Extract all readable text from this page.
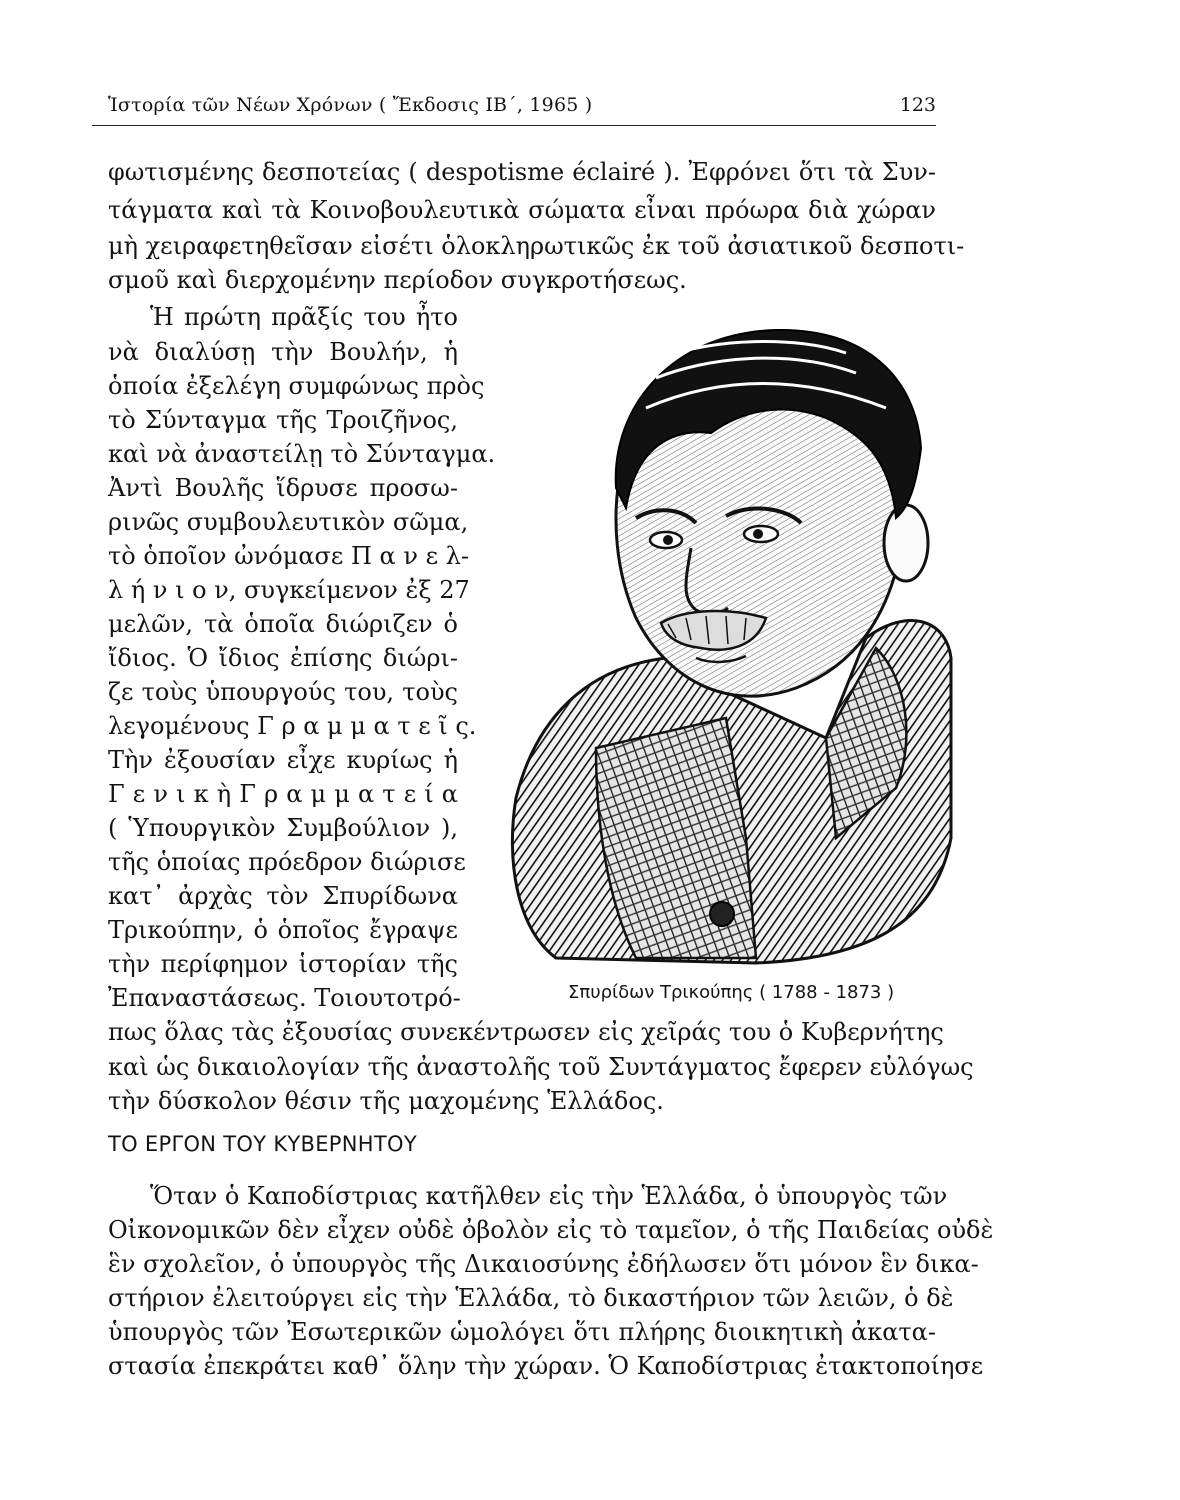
Ἱστορία τῶν Νέων Χρόνων ( Ἔκδοσις ΙΒ΄, 1965 )	123
φωτισμένης δεσποτείας ( despotisme éclairé ). Ἐφρόνει ὅτι τὰ Συν-
τάγματα καὶ τὰ Κοινοβουλευτικὰ σώματα εἶναι πρόωρα διὰ χώραν
μὴ χειραφετηθεῖσαν εἰσέτι ὁλοκληρωτικῶς ἐκ τοῦ ἀσιατικοῦ δεσποτι-
σμοῦ καὶ διερχομένην περίοδον συγκροτήσεως.
Ἡ πρώτη πρᾶξίς του ἦτο
νὰ διαλύσῃ τὴν Βουλήν, ἡ
ὁποία ἐξελέγη συμφώνως πρὸς
τὸ Σύνταγμα τῆς Τροιζῆνος,
καὶ νὰ ἀναστείλῃ τὸ Σύνταγμα.
Ἀντὶ Βουλῆς ἵδρυσε προσω-
ρινῶς συμβουλευτικὸν σῶμα,
τὸ ὁποῖον ὠνόμασε Π α ν ε λ-
λ ή ν ι ο ν, συγκείμενον ἐξ 27
μελῶν, τὰ ὁποῖα διώριζεν ὁ
ἴδιος. Ὁ ἴδιος ἐπίσης διώρι-
ζε τοὺς ὑπουργούς του, τοὺς
λεγομένους Γ ρ α μ μ α τ ε ῖ ς.
Τὴν ἐξουσίαν εἶχε κυρίως ἡ
Γ ε ν ι κ ὴ Γ ρ α μ μ α τ ε ί α
( Ὑπουργικὸν Συμβούλιον ),
τῆς ὁποίας πρόεδρον διώρισε
κατ᾽ ἀρχὰς τὸν Σπυρίδωνα
Τρικούπην, ὁ ὁποῖος ἔγραψε
τὴν περίφημον ἱστορίαν τῆς
Ἐπαναστάσεως. Τοιουτοτρό-	Σπυρίδων Τρικούπης ( 1788 - 1873 )
πως ὅλας τὰς ἐξουσίας συνεκέντρωσεν εἰς χεῖράς του ὁ Κυβερνήτης
καὶ ὡς δικαιολογίαν τῆς ἀναστολῆς τοῦ Συντάγματος ἔφερεν εὐλόγως
τὴν δύσκολον θέσιν τῆς μαχομένης Ἑλλάδος.
ΤΟ ΕΡΓΟΝ ΤΟΥ ΚΥΒΕΡΝΗΤΟΥ
Ὅταν ὁ Καποδίστριας κατῆλθεν εἰς τὴν Ἑλλάδα, ὁ ὑπουργὸς τῶν
Οἰκονομικῶν δὲν εἶχεν οὐδὲ ὀβολὸν εἰς τὸ ταμεῖον, ὁ τῆς Παιδείας οὐδὲ
ἓν σχολεῖον, ὁ ὑπουργὸς τῆς Δικαιοσύνης ἐδήλωσεν ὅτι μόνον ἓν δικα-
στήριον ἐλειτούργει εἰς τὴν Ἑλλάδα, τὸ δικαστήριον τῶν λειῶν, ὁ δὲ
ὑπουργὸς τῶν Ἐσωτερικῶν ὡμολόγει ὅτι πλήρης διοικητικὴ ἀκατα-
στασία ἐπεκράτει καθ᾽ ὅλην τὴν χώραν. Ὁ Καποδίστριας ἐτακτοποίησε
